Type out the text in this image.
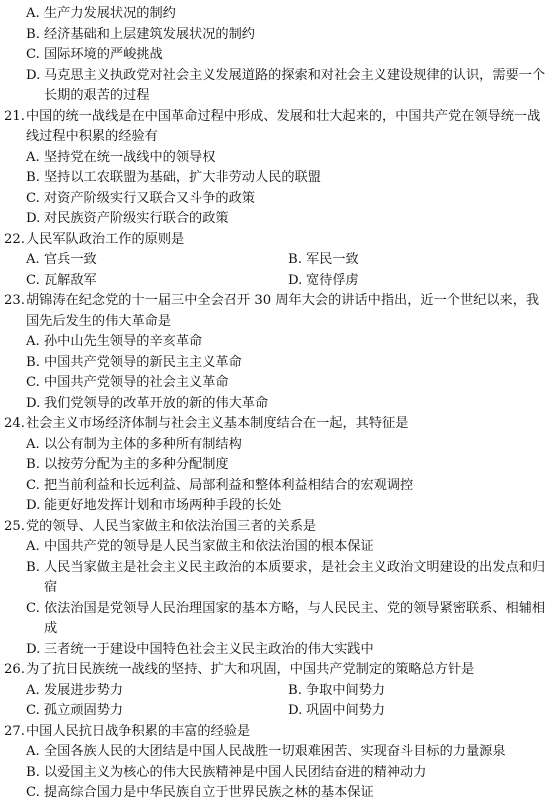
A. 生产力发展状况的制约
B. 经济基础和上层建筑发展状况的制约
C. 国际环境的严峻挑战
D. 马克思主义执政党对社会主义发展道路的探索和对社会主义建设规律的认识，需要一个长期的艰苦的过程
21. 中国的统一战线是在中国革命过程中形成、发展和壮大起来的，中国共产党在领导统一战线过程中积累的经验有
A. 坚持党在统一战线中的领导权
B. 坚持以工农联盟为基础，扩大非劳动人民的联盟
C. 对资产阶级实行又联合又斗争的政策
D. 对民族资产阶级实行联合的政策
22. 人民军队政治工作的原则是
A. 官兵一致	B. 军民一致
C. 瓦解敌军	D. 宽待俘虏
23. 胡锦涛在纪念党的十一届三中全会召开 30 周年大会的讲话中指出，近一个世纪以来，我国先后发生的伟大革命是
A. 孙中山先生领导的辛亥革命
B. 中国共产党领导的新民主主义革命
C. 中国共产党领导的社会主义革命
D. 我们党领导的改革开放的新的伟大革命
24. 社会主义市场经济体制与社会主义基本制度结合在一起，其特征是
A. 以公有制为主体的多种所有制结构
B. 以按劳分配为主的多种分配制度
C. 把当前利益和长远利益、局部利益和整体利益相结合的宏观调控
D. 能更好地发挥计划和市场两种手段的长处
25. 党的领导、人民当家做主和依法治国三者的关系是
A. 中国共产党的领导是人民当家做主和依法治国的根本保证
B. 人民当家做主是社会主义民主政治的本质要求，是社会主义政治文明建设的出发点和归宿
C. 依法治国是党领导人民治理国家的基本方略，与人民民主、党的领导紧密联系、相辅相成
D. 三者统一于建设中国特色社会主义民主政治的伟大实践中
26. 为了抗日民族统一战线的坚持、扩大和巩固，中国共产党制定的策略总方针是
A. 发展进步势力	B. 争取中间势力
C. 孤立顽固势力	D. 巩固中间势力
27. 中国人民抗日战争积累的丰富的经验是
A. 全国各族人民的大团结是中国人民战胜一切艰难困苦、实现奋斗目标的力量源泉
B. 以爱国主义为核心的伟大民族精神是中国人民团结奋进的精神动力
C. 提高综合国力是中华民族自立于世界民族之林的基本保证
